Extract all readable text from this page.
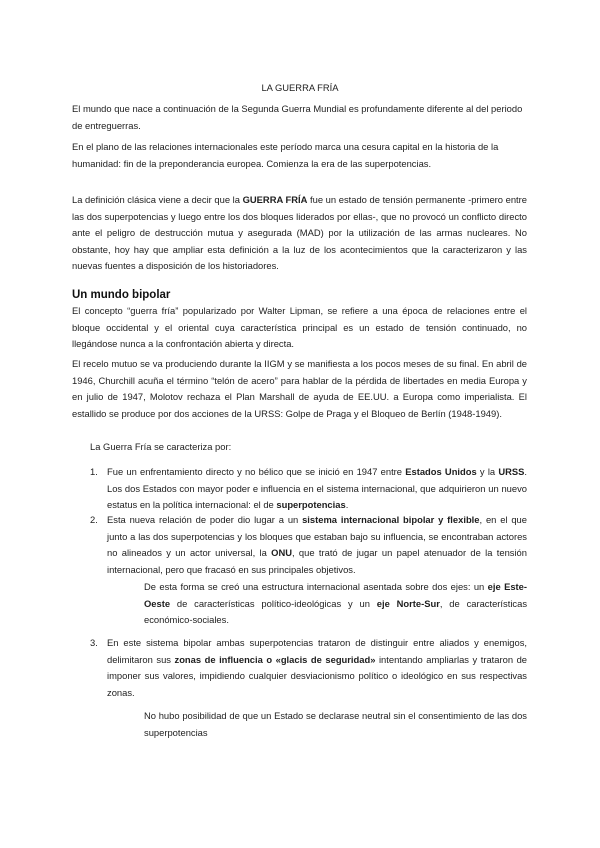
LA GUERRA FRÍA

El mundo que nace a continuación de la Segunda Guerra Mundial es profundamente diferente al del periodo de entreguerras.

En el plano de las relaciones internacionales este período marca una cesura capital en la historia de la humanidad: fin de la preponderancia europea. Comienza la era de las superpotencias.

La definición clásica viene a decir que la GUERRA FRÍA fue un estado de tensión permanente -primero entre las dos superpotencias y luego entre los dos bloques liderados por ellas-, que no provocó un conflicto directo ante el peligro de destrucción mutua y asegurada (MAD) por la utilización de las armas nucleares. No obstante, hoy hay que ampliar esta definición a la luz de los acontecimientos que la caracterizaron y las nuevas fuentes a disposición de los historiadores.

Un mundo bipolar

El concepto “guerra fría” popularizado por Walter Lipman, se refiere a una época de relaciones entre el bloque occidental y el oriental cuya característica principal es un estado de tensión continuado, no llegándose nunca a la confrontación abierta y directa.

El recelo mutuo se va produciendo durante la IIGM y se manifiesta a los pocos meses de su final. En abril de 1946, Churchill acuña el término “telón de acero” para hablar de la pérdida de libertades en media Europa y en julio de 1947, Molotov rechaza el Plan Marshall de ayuda de EE.UU. a Europa como imperialista. El estallido se produce por dos acciones de la URSS: Golpe de Praga y el Bloqueo de Berlín (1948-1949).

La Guerra Fría se caracteriza por:

1. Fue un enfrentamiento directo y no bélico que se inició en 1947 entre Estados Unidos y la URSS. Los dos Estados con mayor poder e influencia en el sistema internacional, que adquirieron un nuevo estatus en la política internacional: el de superpotencias.
2. Esta nueva relación de poder dio lugar a un sistema internacional bipolar y flexible, en el que junto a las dos superpotencias y los bloques que estaban bajo su influencia, se encontraban actores no alineados y un actor universal, la ONU, que trató de jugar un papel atenuador de la tensión internacional, pero que fracasó en sus principales objetivos.
De esta forma se creó una estructura internacional asentada sobre dos ejes: un eje Este-Oeste de características político-ideológicas y un eje Norte-Sur, de características económico-sociales.
3. En este sistema bipolar ambas superpotencias trataron de distinguir entre aliados y enemigos, delimitaron sus zonas de influencia o «glacis de seguridad» intentando ampliarlas y trataron de imponer sus valores, impidiendo cualquier desviacionismo político o ideológico en sus respectivas zonas.
No hubo posibilidad de que un Estado se declarase neutral sin el consentimiento de las dos superpotencias
